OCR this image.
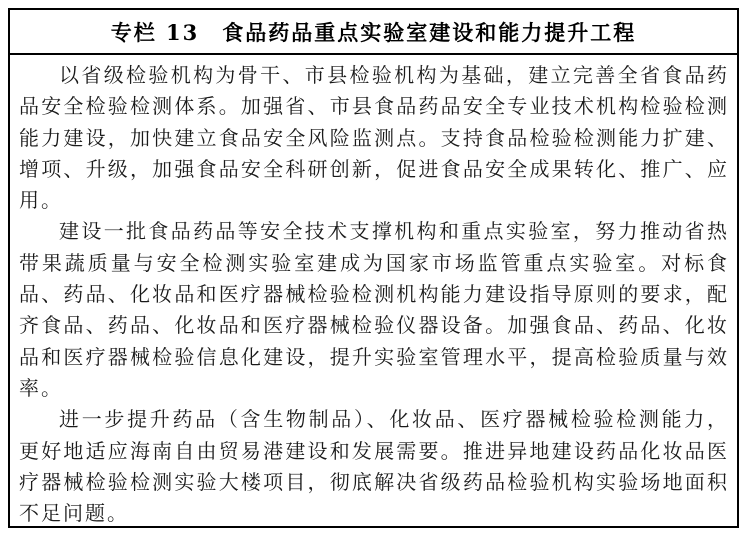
专栏 13　食品药品重点实验室建设和能力提升工程

以省级检验机构为骨干、市县检验机构为基础，建立完善全省食品药品安全检验检测体系。加强省、市县食品药品安全专业技术机构检验检测能力建设，加快建立食品安全风险监测点。支持食品检验检测能力扩建、增项、升级，加强食品安全科研创新，促进食品安全成果转化、推广、应用。

建设一批食品药品等安全技术支撑机构和重点实验室，努力推动省热带果蔬质量与安全检测实验室建成为国家市场监管重点实验室。对标食品、药品、化妆品和医疗器械检验检测机构能力建设指导原则的要求，配齐食品、药品、化妆品和医疗器械检验仪器设备。加强食品、药品、化妆品和医疗器械检验信息化建设，提升实验室管理水平，提高检验质量与效率。

进一步提升药品（含生物制品）、化妆品、医疗器械检验检测能力，更好地适应海南自由贸易港建设和发展需要。推进异地建设药品化妆品医疗器械检验检测实验大楼项目，彻底解决省级药品检验机构实验场地面积不足问题。
